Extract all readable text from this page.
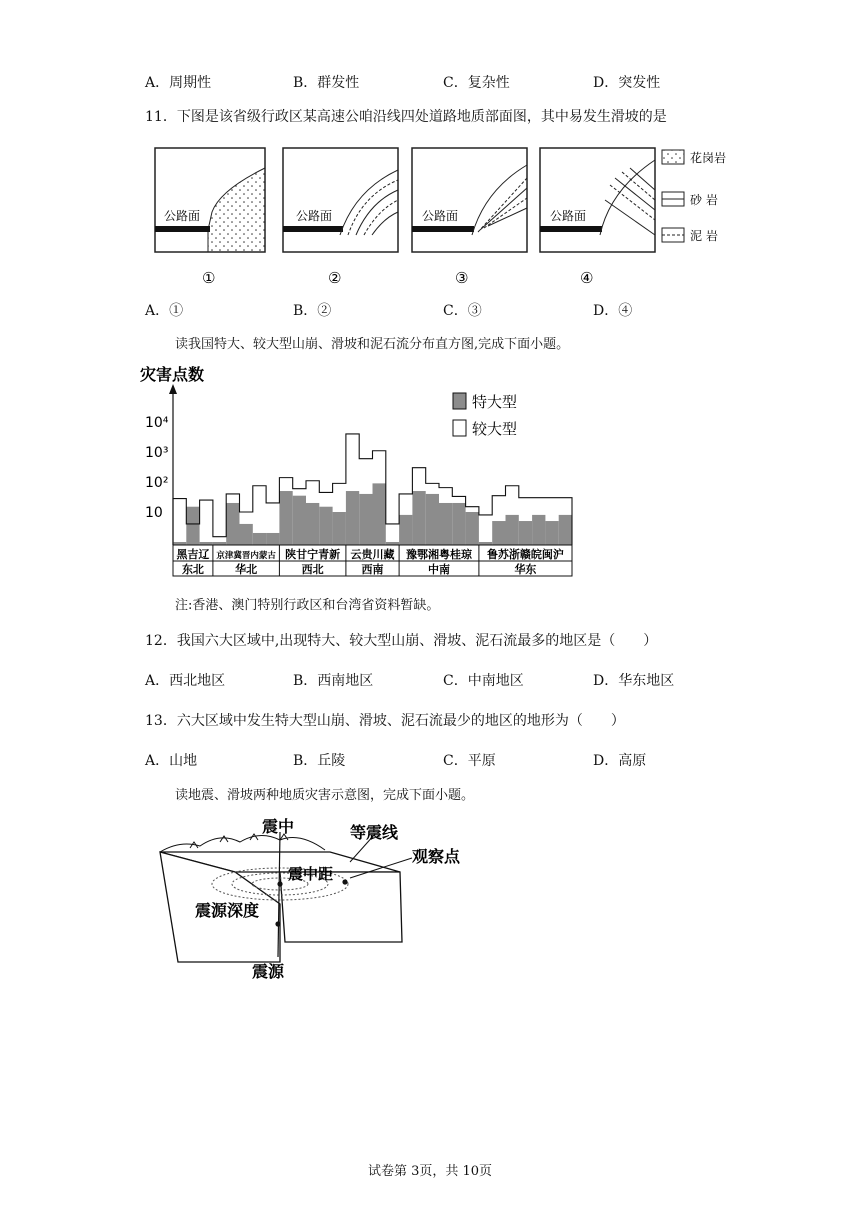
A．周期性	B．群发性	C．复杂性	D．突发性
11．下图是该省级行政区某高速公咱沿线四处道路地质部面图，其中易发生滑坡的是
公路面	公路面	公路面	公路面
花岗岩
砂 岩
泥 岩
①	②	③	④
A．①	B．②	C．③	D．④
读我国特大、较大型山崩、滑坡和泥石流分布直方图,完成下面小题。
灾害点数
10
10²
10³
10⁴
特大型
较大型
黑吉辽
东北
京津冀晋内蒙古
华北
陕甘宁青新
西北
云贵川藏
西南
豫鄂湘粤桂琼
中南
鲁苏浙赣皖闽沪
华东
注:香港、澳门特别行政区和台湾省资料暂缺。
12．我国六大区域中,出现特大、较大型山崩、滑坡、泥石流最多的地区是（　　）
A．西北地区	B．西南地区	C．中南地区	D．华东地区
13．六大区域中发生特大型山崩、滑坡、泥石流最少的地区的地形为（　　）
A．山地	B．丘陵	C．平原	D．高原
读地震、滑坡两种地质灾害示意图，完成下面小题。
震中	等震线
观察点
震中距
震源深度
震源
试卷第 3页，共 10页
